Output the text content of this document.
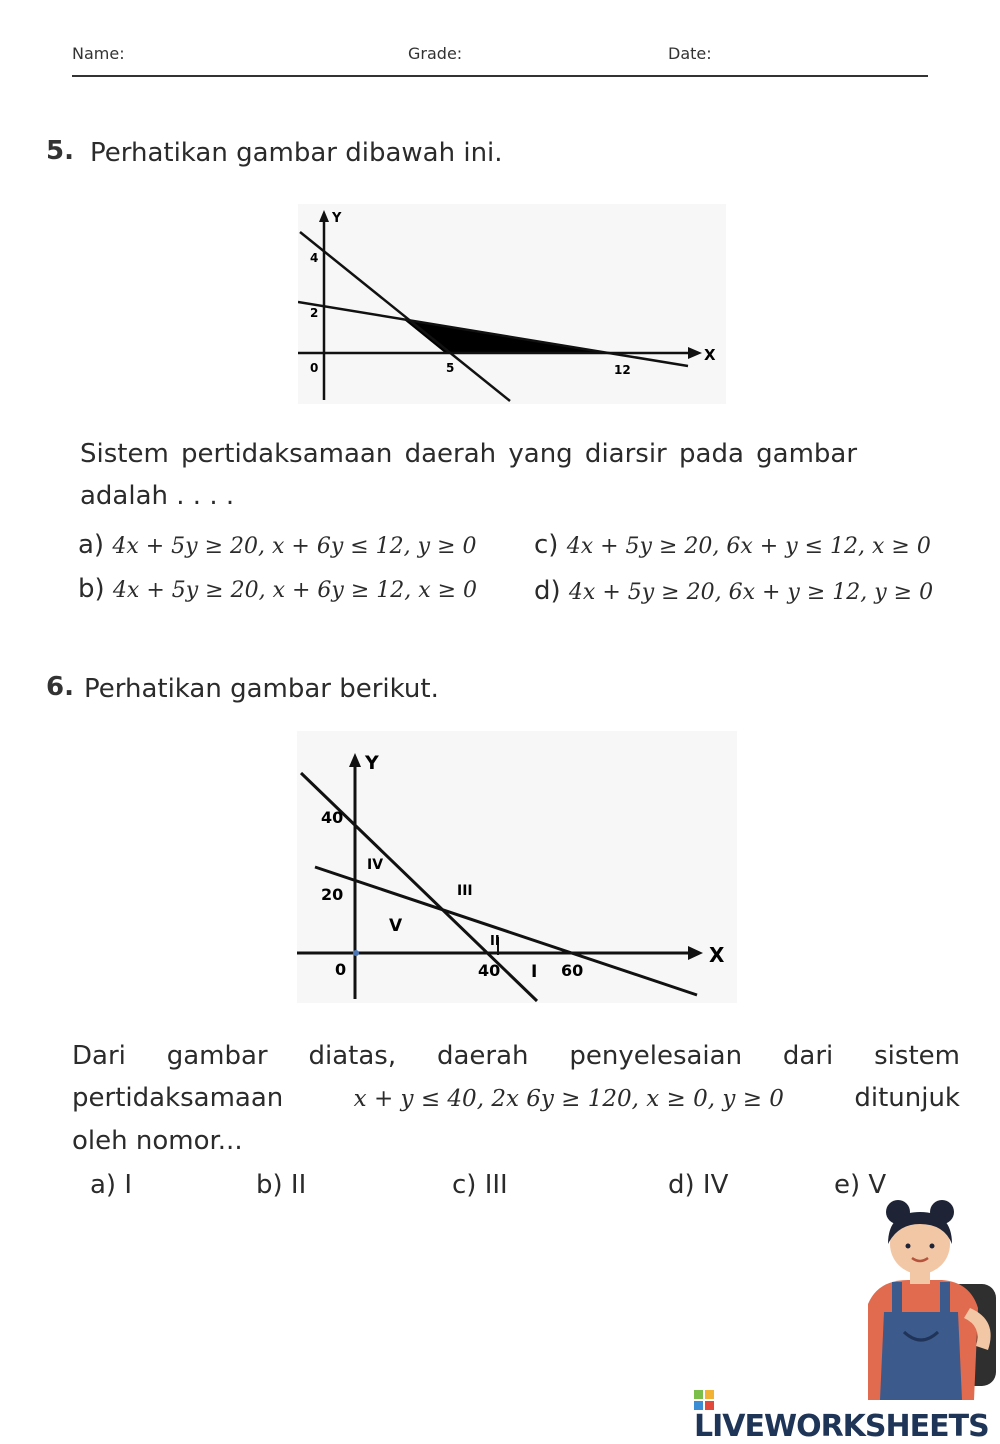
Name:	Grade:	Date:
5. Perhatikan gambar dibawah ini.
Y
X
4
2
0	5	12
Sistem pertidaksamaan daerah yang diarsir pada gambar
adalah . . . .
a) 4x + 5y ≥ 20, x + 6y ≤ 12, y ≥ 0
b) 4x + 5y ≥ 20, x + 6y ≥ 12, x ≥ 0
c) 4x + 5y ≥ 20, 6x + y ≤ 12, x ≥ 0
d) 4x + 5y ≥ 20, 6x + y ≥ 12, y ≥ 0
6. Perhatikan gambar berikut.
Y
X
40
20
0	40	60
IV
III
V
II
I
Dari gambar diatas, daerah penyelesaian dari sistem
pertidaksamaan	x + y ≤ 40, 2x 6y ≥ 120, x ≥ 0, y ≥ 0	ditunjuk
oleh nomor...
a) I	b) II	c) III	d) IV	e) V
LIVEWORKSHEETS
